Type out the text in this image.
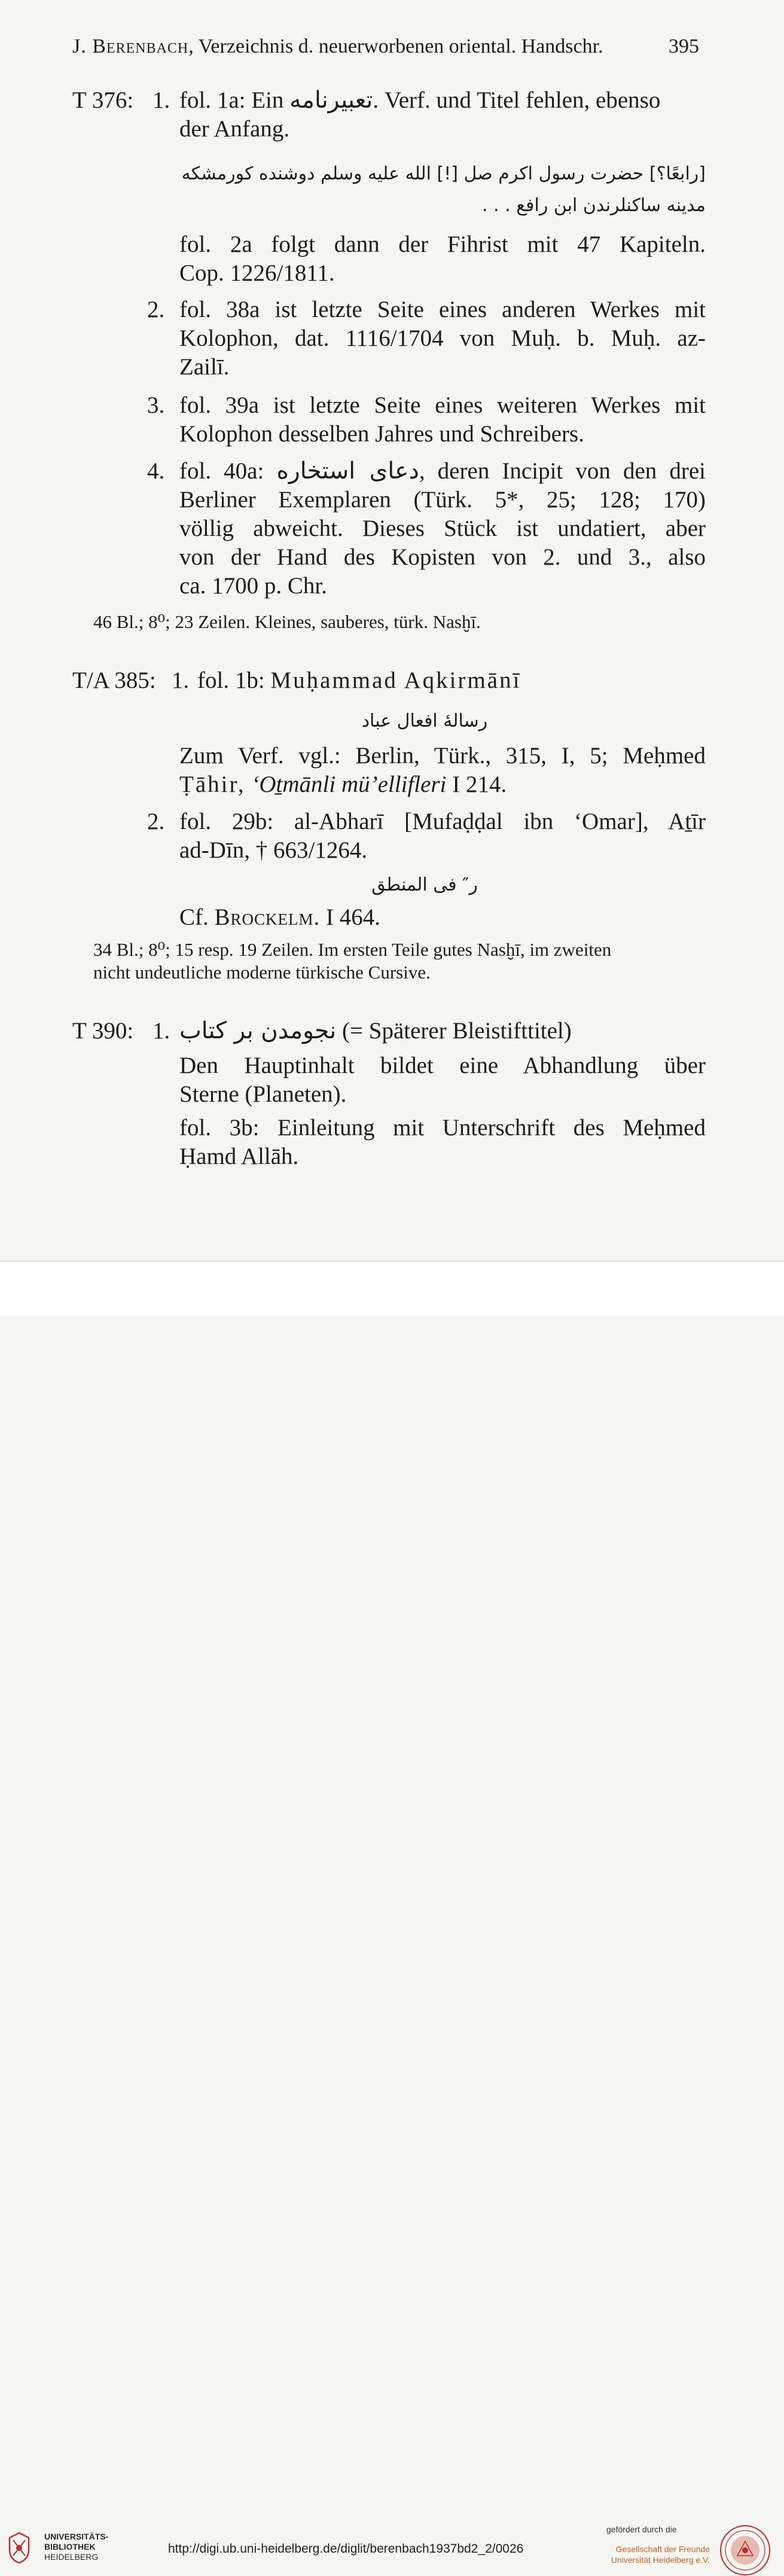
J. Berenbach, Verzeichnis d. neuerworbenen oriental. Handschr.	395
T 376: 1. fol. 1a: Ein تعبیرنامه. Verf. und Titel fehlen, ebenso
der Anfang.
[رابعًا؟] حضرت رسول اکرم صل [!] الله علیه وسلم دوشنده کورمشکه
مدینه ساکنلرندن ابن رافع . . .
fol. 2a folgt dann der Fihrist mit 47 Kapiteln.
Cop. 1226/1811.
2. fol. 38a ist letzte Seite eines anderen Werkes mit
Kolophon, dat. 1116/1704 von Muḥ. b. Muḥ. az-
Zailī.
3. fol. 39a ist letzte Seite eines weiteren Werkes mit
Kolophon desselben Jahres und Schreibers.
4. fol. 40a: دعای استخاره, deren Incipit von den drei
Berliner Exemplaren (Türk. 5*, 25; 128; 170)
völlig abweicht. Dieses Stück ist undatiert, aber
von der Hand des Kopisten von 2. und 3., also
ca. 1700 p. Chr.
46 Bl.; 8⁰; 23 Zeilen. Kleines, sauberes, türk. Nasḫī.
T/A 385: 1. fol. 1b: Muḥammad Aqkirmānī
رسالهٔ افعال عباد
Zum Verf. vgl.: Berlin, Türk., 315, I, 5; Meḥmed
Ṭāhir, ‘Oṯmānli mü’ellifleri I 214.
2. fol. 29b: al-Abharī [Mufaḍḍal ibn ‘Omar], Aṯīr
ad-Dīn, † 663/1264.
ر″ فی المنطق
Cf. Brockelm. I 464.
34 Bl.; 8⁰; 15 resp. 19 Zeilen. Im ersten Teile gutes Nasḫī, im zweiten
nicht undeutliche moderne türkische Cursive.
T 390: 1. نجومدن بر کتاب (= Späterer Bleistifttitel)
Den Hauptinhalt bildet eine Abhandlung über
Sterne (Planeten).
fol. 3b: Einleitung mit Unterschrift des Meḥmed
Ḥamd Allāh.
UNIVERSITÄTS-
BIBLIOTHEK
HEIDELBERG
http://digi.ub.uni-heidelberg.de/diglit/berenbach1937bd2_2/0026
gefördert durch die
Gesellschaft der Freunde
Universität Heidelberg e.V.
